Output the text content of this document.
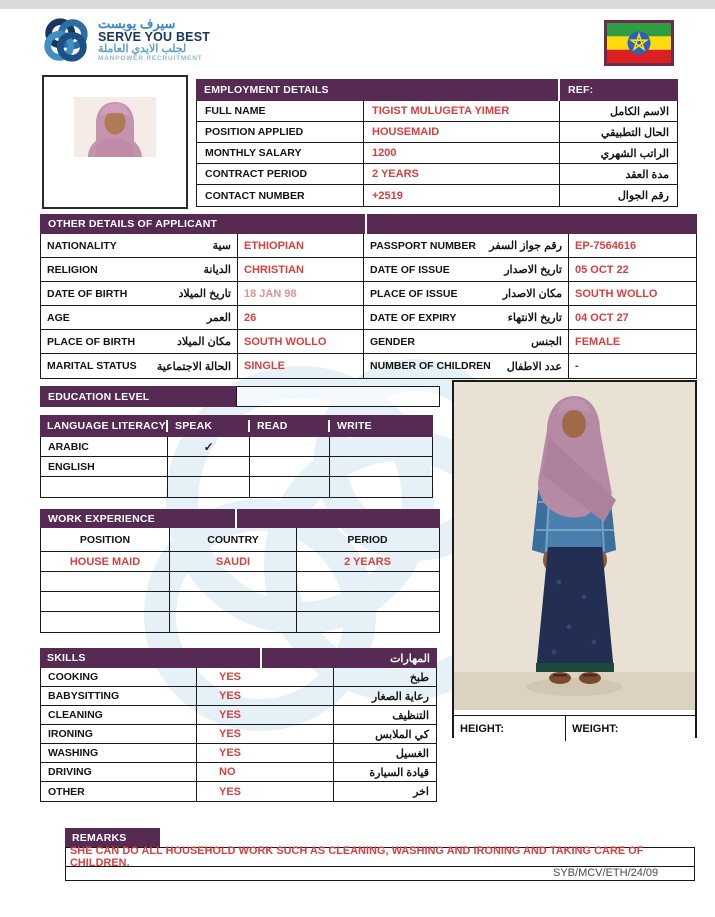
سيرف يوبست
SERVE YOU BEST
لجلب الايدي العاملة
MANPOWER RECRUITMENT
EMPLOYMENT DETAILS	REF:
FULL NAME	TIGIST MULUGETA YIMER	الاسم الكامل
POSITION APPLIED	HOUSEMAID	الحال التطبيقي
MONTHLY SALARY	1200	الراتب الشهري
CONTRACT PERIOD	2 YEARS	مدة العقد
CONTACT NUMBER	+2519	رقم الجوال
OTHER DETAILS OF APPLICANT
NATIONALITY	سية	ETHIOPIAN	PASSPORT NUMBER رقم جواز السفر	EP-7564616
RELIGION	الديانة	CHRISTIAN	DATE OF ISSUE	تاريخ الاصدار	05 OCT 22
DATE OF BIRTH	تاريخ الميلاد	18 JAN 98	PLACE OF ISSUE	مكان الاصدار	SOUTH WOLLO
AGE	العمر	26	DATE OF EXPIRY	تاريخ الانتهاء	04 OCT 27
PLACE OF BIRTH	مكان الميلاد	SOUTH WOLLO	GENDER	الجنس	FEMALE
MARITAL STATUS الحالة الاجتماعية	SINGLE	NUMBER OF CHILDREN عدد الاطفال	-
EDUCATION LEVEL
LANGUAGE LITERACY SPEAK	READ	WRITE
ARABIC	✓
ENGLISH
WORK EXPERIENCE
POSITION	COUNTRY	PERIOD
HOUSE MAID	SAUDI	2 YEARS
HEIGHT:	WEIGHT:
SKILLS	المهارات
COOKING	YES	طبخ
BABYSITTING	YES	رعاية الصغار
CLEANING	YES	التنظيف
IRONING	YES	كي الملابس
WASHING	YES	الغسيل
DRIVING	NO	قيادة السيارة
OTHER	YES	اخر
REMARKS
SHE CAN DO ALL HOUSEHOLD WORK SUCH AS CLEANING, WASHING AND IRONING AND TAKING CARE OF CHILDREN.
SYB/MCV/ETH/24/09
